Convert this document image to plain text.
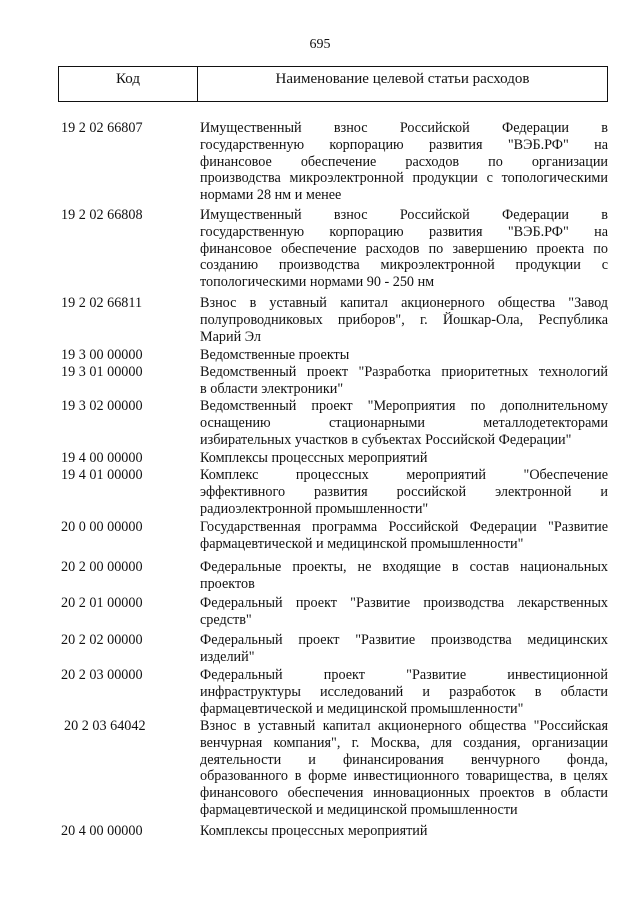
695
Код	Наименование целевой статьи расходов
19 2 02 66807	Имущественный взнос Российской Федерации в
государственную корпорацию развития "ВЭБ.РФ" на
финансовое обеспечение расходов по организации
производства микроэлектронной продукции с топологическими
нормами 28 нм и менее
19 2 02 66808	Имущественный взнос Российской Федерации в
государственную корпорацию развития "ВЭБ.РФ" на
финансовое обеспечение расходов по завершению проекта по
созданию производства микроэлектронной продукции с
топологическими нормами 90 - 250 нм
19 2 02 66811	Взнос в уставный капитал акционерного общества "Завод
полупроводниковых приборов", г. Йошкар-Ола, Республика
Марий Эл
19 3 00 00000	Ведомственные проекты
19 3 01 00000	Ведомственный проект "Разработка приоритетных технологий
в области электроники"
19 3 02 00000	Ведомственный проект "Мероприятия по дополнительному
оснащению стационарными металлодетекторами
избирательных участков в субъектах Российской Федерации"
19 4 00 00000	Комплексы процессных мероприятий
19 4 01 00000	Комплекс процессных мероприятий "Обеспечение
эффективного развития российской электронной и
радиоэлектронной промышленности"
20 0 00 00000	Государственная программа Российской Федерации "Развитие
фармацевтической и медицинской промышленности"
20 2 00 00000	Федеральные проекты, не входящие в состав национальных
проектов
20 2 01 00000	Федеральный проект "Развитие производства лекарственных
средств"
20 2 02 00000	Федеральный проект "Развитие производства медицинских
изделий"
20 2 03 00000	Федеральный проект "Развитие инвестиционной
инфраструктуры исследований и разработок в области
фармацевтической и медицинской промышленности"
20 2 03 64042	Взнос в уставный капитал акционерного общества "Российская
венчурная компания", г. Москва, для создания, организации
деятельности и финансирования венчурного фонда,
образованного в форме инвестиционного товарищества, в целях
финансового обеспечения инновационных проектов в области
фармацевтической и медицинской промышленности
20 4 00 00000	Комплексы процессных мероприятий
